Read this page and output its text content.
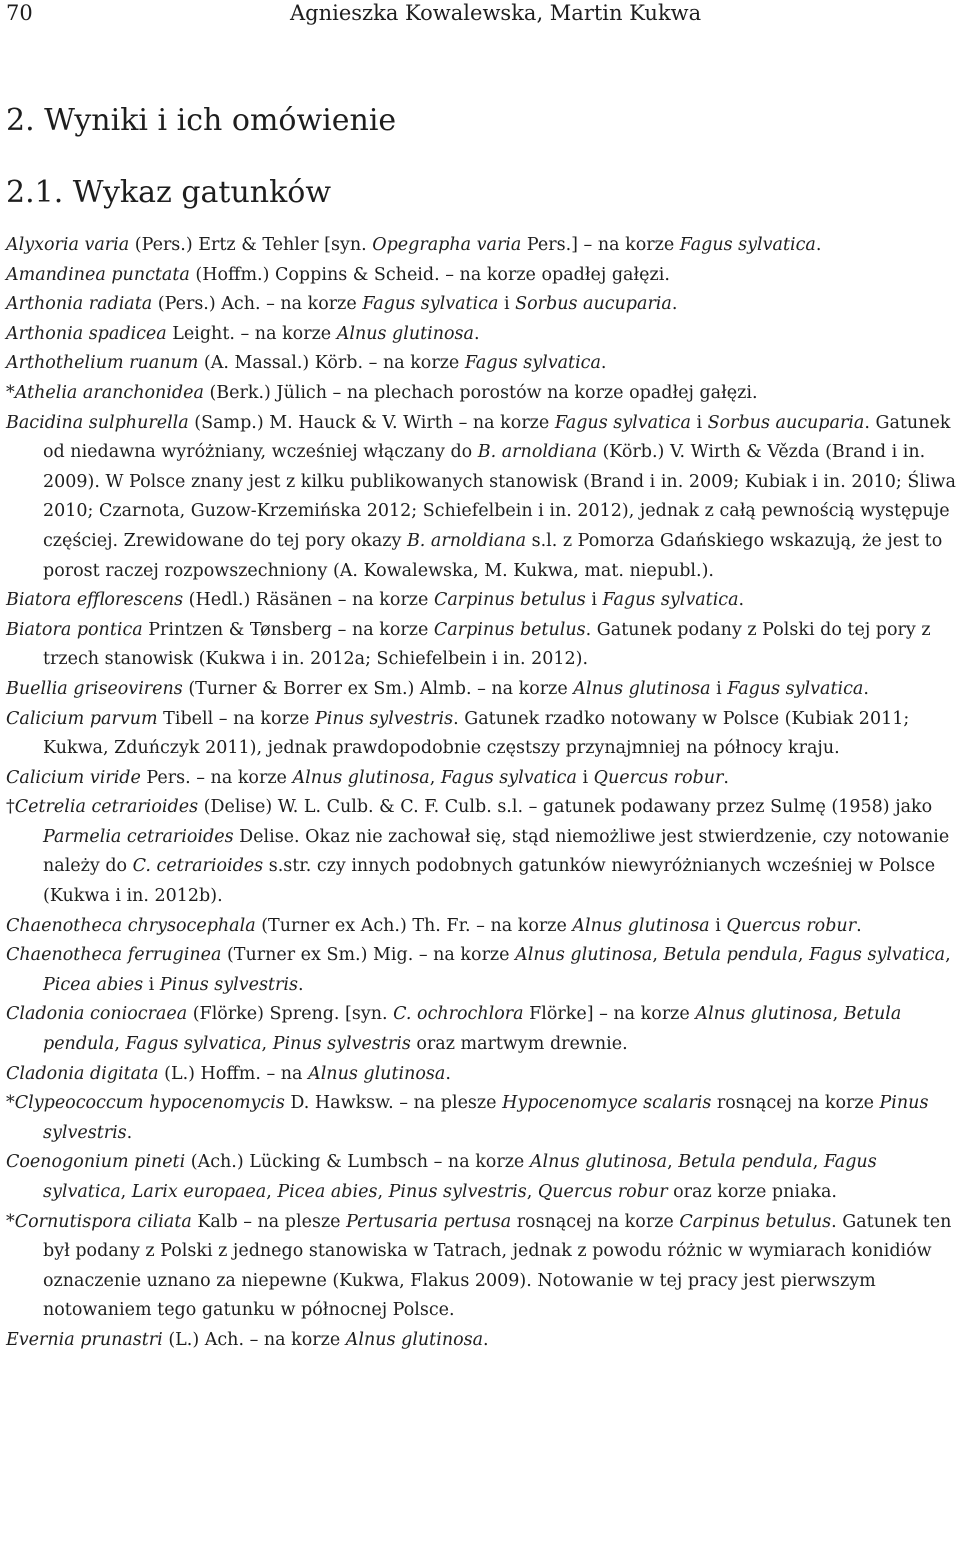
70	Agnieszka Kowalewska, Martin Kukwa
2. Wyniki i ich omówienie
2.1. Wykaz gatunków

Alyxoria varia (Pers.) Ertz & Tehler [syn. Opegrapha varia Pers.] – na korze Fagus sylvatica.

Amandinea punctata (Hoffm.) Coppins & Scheid. – na korze opadłej gałęzi.

Arthonia radiata (Pers.) Ach. – na korze Fagus sylvatica i Sorbus aucuparia.

Arthonia spadicea Leight. – na korze Alnus glutinosa.

Arthothelium ruanum (A. Massal.) Körb. – na korze Fagus sylvatica.

*Athelia aranchonidea (Berk.) Jülich – na plechach porostów na korze opadłej gałęzi.

Bacidina sulphurella (Samp.) M. Hauck & V. Wirth – na korze Fagus sylvatica i Sorbus aucuparia. Gatunek od niedawna wyróżniany, wcześniej włączany do B. arnoldiana (Körb.) V. Wirth & Vězda (Brand i in. 2009). W Polsce znany jest z kilku publikowanych stanowisk (Brand i in. 2009; Kubiak i in. 2010; Śliwa 2010; Czarnota, Guzow-Krzemińska 2012; Schiefelbein i in. 2012), jednak z całą pewnością występuje częściej. Zrewidowane do tej pory okazy B. arnoldiana s.l. z Pomorza Gdańskiego wskazują, że jest to porost raczej rozpowszechniony (A. Kowalewska, M. Kukwa, mat. niepubl.).

Biatora efflorescens (Hedl.) Räsänen – na korze Carpinus betulus i Fagus sylvatica.

Biatora pontica Printzen & Tønsberg – na korze Carpinus betulus. Gatunek podany z Polski do tej pory z trzech stanowisk (Kukwa i in. 2012a; Schiefelbein i in. 2012).

Buellia griseovirens (Turner & Borrer ex Sm.) Almb. – na korze Alnus glutinosa i Fagus sylvatica.

Calicium parvum Tibell – na korze Pinus sylvestris. Gatunek rzadko notowany w Polsce (Kubiak 2011; Kukwa, Zduńczyk 2011), jednak prawdopodobnie częstszy przynajmniej na północy kraju.

Calicium viride Pers. – na korze Alnus glutinosa, Fagus sylvatica i Quercus robur.

†Cetrelia cetrarioides (Delise) W. L. Culb. & C. F. Culb. s.l. – gatunek podawany przez Sulmę (1958) jako Parmelia cetrarioides Delise. Okaz nie zachował się, stąd niemożliwe jest stwierdzenie, czy notowanie należy do C. cetrarioides s.str. czy innych podobnych gatunków niewyróżnianych wcześniej w Polsce (Kukwa i in. 2012b).

Chaenotheca chrysocephala (Turner ex Ach.) Th. Fr. – na korze Alnus glutinosa i Quercus robur.

Chaenotheca ferruginea (Turner ex Sm.) Mig. – na korze Alnus glutinosa, Betula pendula, Fagus sylvatica, Picea abies i Pinus sylvestris.

Cladonia coniocraea (Flörke) Spreng. [syn. C. ochrochlora Flörke] – na korze Alnus glutinosa, Betula pendula, Fagus sylvatica, Pinus sylvestris oraz martwym drewnie.

Cladonia digitata (L.) Hoffm. – na Alnus glutinosa.

*Clypeococcum hypocenomycis D. Hawksw. – na plesze Hypocenomyce scalaris rosnącej na korze Pinus sylvestris.

Coenogonium pineti (Ach.) Lücking & Lumbsch – na korze Alnus glutinosa, Betula pendula, Fagus sylvatica, Larix europaea, Picea abies, Pinus sylvestris, Quercus robur oraz korze pniaka.

*Cornutispora ciliata Kalb – na plesze Pertusaria pertusa rosnącej na korze Carpinus betulus. Gatunek ten był podany z Polski z jednego stanowiska w Tatrach, jednak z powodu różnic w wymiarach konidiów oznaczenie uznano za niepewne (Kukwa, Flakus 2009). Notowanie w tej pracy jest pierwszym notowaniem tego gatunku w północnej Polsce.

Evernia prunastri (L.) Ach. – na korze Alnus glutinosa.
